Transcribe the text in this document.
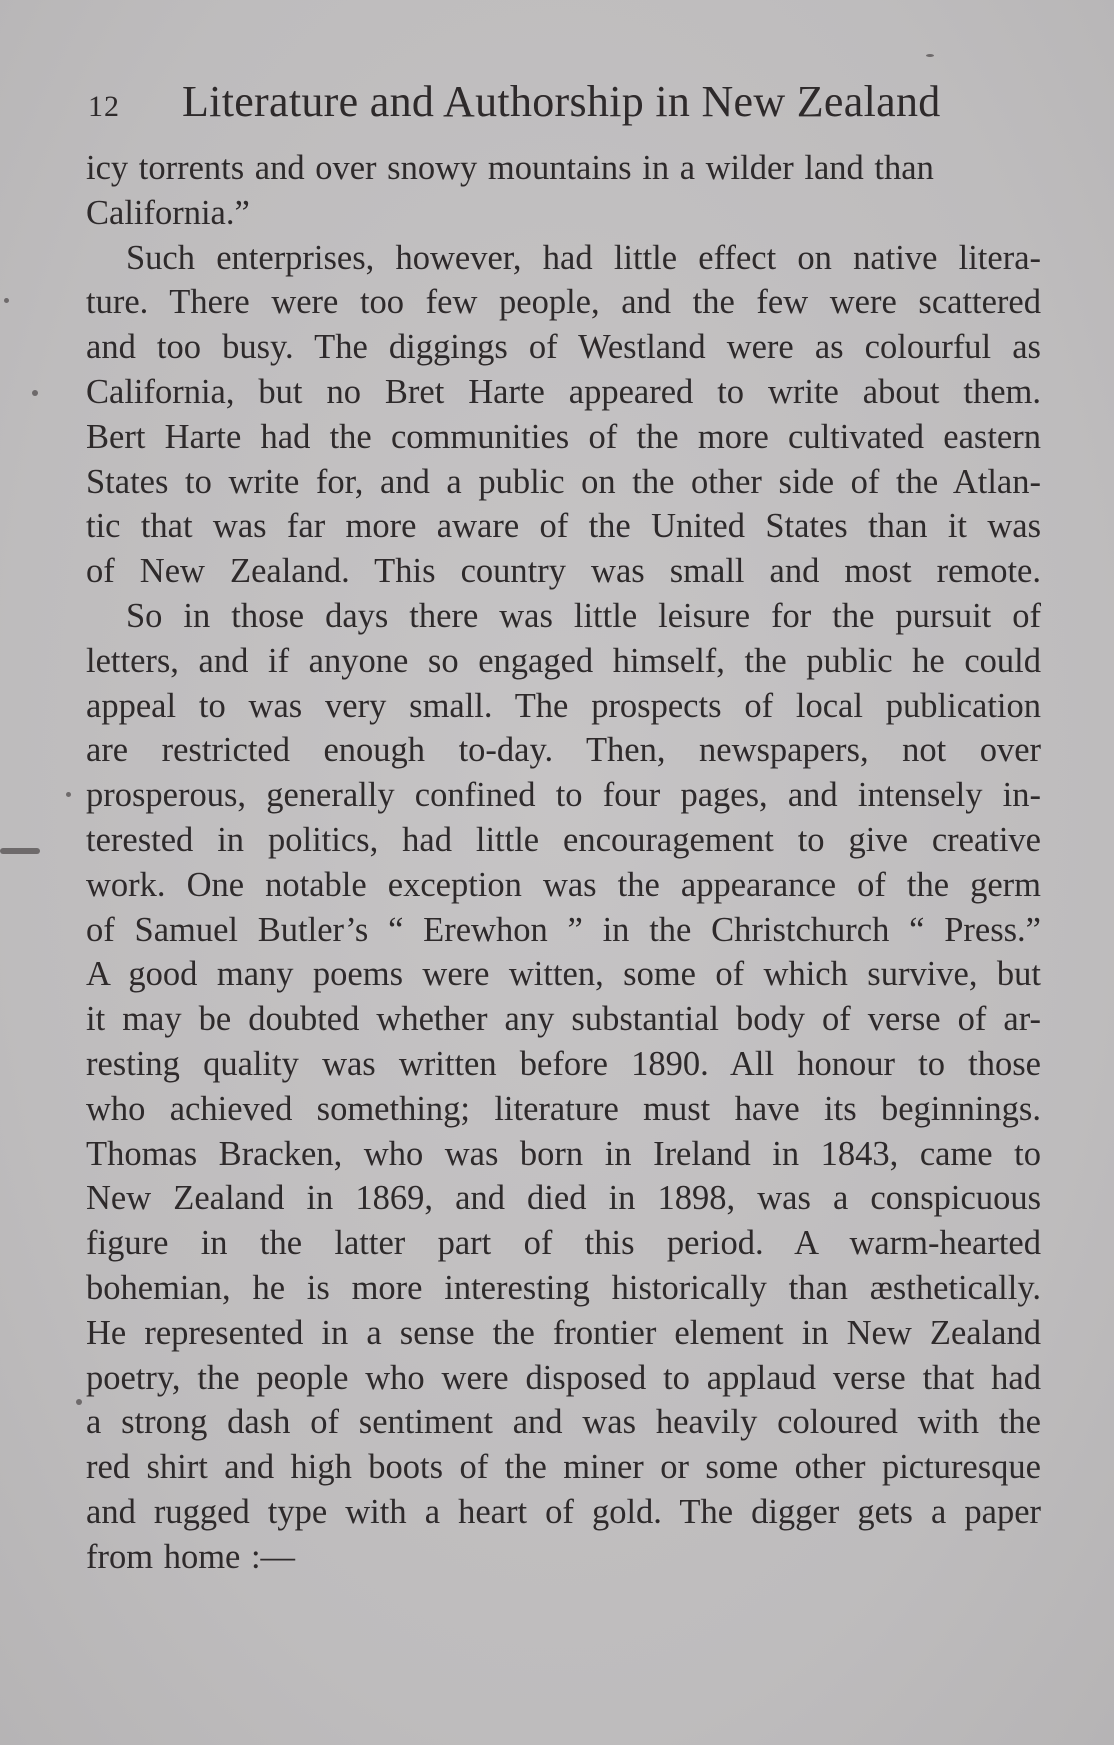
12 Literature and Authorship in New Zealand
icy torrents and over snowy mountains in a wilder land than
California.”
Such enterprises, however, had little effect on native litera-
ture. There were too few people, and the few were scattered
and too busy. The diggings of Westland were as colourful as
California, but no Bret Harte appeared to write about them.
Bert Harte had the communities of the more cultivated eastern
States to write for, and a public on the other side of the Atlan-
tic that was far more aware of the United States than it was
of New Zealand. This country was small and most remote.
So in those days there was little leisure for the pursuit of
letters, and if anyone so engaged himself, the public he could
appeal to was very small. The prospects of local publication
are restricted enough to-day. Then, newspapers, not over
prosperous, generally confined to four pages, and intensely in-
terested in politics, had little encouragement to give creative
work. One notable exception was the appearance of the germ
of Samuel Butler’s “ Erewhon ” in the Christchurch “ Press.”
A good many poems were witten, some of which survive, but
it may be doubted whether any substantial body of verse of ar-
resting quality was written before 1890. All honour to those
who achieved something; literature must have its beginnings.
Thomas Bracken, who was born in Ireland in 1843, came to
New Zealand in 1869, and died in 1898, was a conspicuous
figure in the latter part of this period. A warm-hearted
bohemian, he is more interesting historically than æsthetically.
He represented in a sense the frontier element in New Zealand
poetry, the people who were disposed to applaud verse that had
a strong dash of sentiment and was heavily coloured with the
red shirt and high boots of the miner or some other picturesque
and rugged type with a heart of gold. The digger gets a paper
from home :—
